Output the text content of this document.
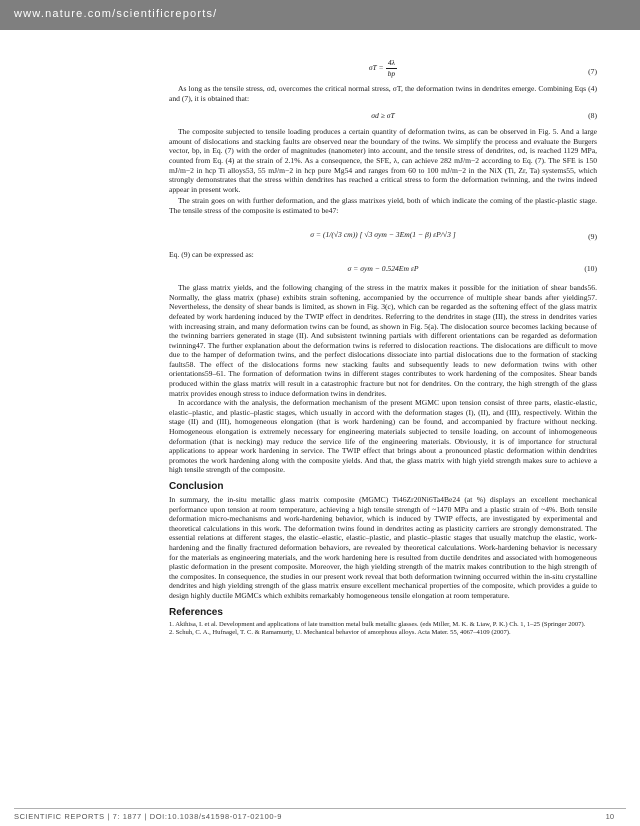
www.nature.com/scientificreports/
$\sigma T = \frac{4\lambda}{bp}$	(7)

As long as the tensile stress, σd, overcomes the critical normal stress, σT, the deformation twins in dendrites emerge. Combining Eqs (4) and (7), it is obtained that:

σd ≥ σT	(8)

The composite subjected to tensile loading produces a certain quantity of deformation twins, as can be observed in Fig. 5. And a large amount of dislocations and stacking faults are observed near the boundary of the twins. We simplify the process and evaluate the Burgers vector, bp, in Eq. (7) with the order of magnitudes (nanometer) into account, and the tensile stress of dendrites, σd, is reached 1129 MPa, counted from Eq. (4) at the strain of 2.1%. As a consequence, the SFE, λ, can achieve 282 mJ/m−2 according to Eq. (7). The SFE is 150 mJ/m−2 in hcp Ti alloys53, 55 mJ/m−2 in hcp pure Mg54 and ranges from 60 to 100 mJ/m−2 in the NiX (Ti, Zr, Ta) systems55, which strongly demonstrates that the stress within dendrites has reached a critical stress to form the deformation twinning, and the twins indeed appear in present work.

The strain goes on with further deformation, and the glass matrixes yield, both of which indicate the coming of the plastic-plastic stage. The tensile stress of the composite is estimated to be47:

σ = (1/(√3 cm)) [ √3 σym − 3Em(1 − β) εP/√3 ]	(9)

Eq. (9) can be expressed as:

σ = σym − 0.524Em εP	(10)

The glass matrix yields, and the following changing of the stress in the matrix makes it possible for the initiation of shear bands56. Normally, the glass matrix (phase) exhibits strain softening, accompanied by the occurrence of multiple shear bands after yielding57. Nevertheless, the density of shear bands is limited, as shown in Fig. 3(c), which can be regarded as the softening effect of the glass matrix defeated by work hardening induced by the TWIP effect in dendrites. Referring to the dendrites in stage (III), the stress in dendrites varies with increasing strain, and many deformation twins can be found, as shown in Fig. 5(a). The dislocation source becomes lacking because of the twinning barriers generated in stage (II). And subsistent twinning partials with different orientations can be regarded as deformation twinning47. The further explanation about the deformation twins is referred to dislocation reactions. The dislocations are difficult to move due to the hamper of deformation twins, and the perfect dislocations dissociate into partial dislocations due to the formation of stacking faults58. The effect of the dislocations forms new stacking faults and subsequently leads to new deformation twins with other orientations59–61. The formation of deformation twins in different stages contributes to work hardening of the composites. Shear bands produced within the glass matrix will result in a catastrophic fracture but not for dendrites. On the contrary, the high strength of the glass matrix provides enough stress to induce deformation twins in dendrites.

In accordance with the analysis, the deformation mechanism of the present MGMC upon tension consist of three parts, elastic-elastic, elastic–plastic, and plastic–plastic stages, which usually in accord with the deformation stages (I), (II), and (III), respectively. Within the stage (II) and (III), homogeneous elongation (that is work hardening) can be found, and accompanied by fracture without necking. Homogeneous elongation is extremely necessary for engineering materials subjected to tensile loading, on account of inhomogeneous deformation (that is necking) may reduce the service life of the engineering materials. Obviously, it is of importance for structural applications to appear work hardening in service. The TWIP effect that brings about a pronounced plastic deformation within dendrites promotes the work hardening along with the composite yields. And that, the glass matrix with high yield strength makes sure to achieve a high tensile strength of the composite.

Conclusion

In summary, the in-situ metallic glass matrix composite (MGMC) Ti46Zr20Ni6Ta4Be24 (at %) displays an excellent mechanical performance upon tension at room temperature, achieving a high tensile strength of ~1470 MPa and a plastic strain of ~4%. Both tensile deformation micro-mechanisms and work-hardening behavior, which is induced by TWIP effects, are investigated by experimental and theoretical calculations in this work. The deformation twins found in dendrites acting as plasticity carriers are strongly demonstrated. The essential relations at different stages, the elastic–elastic, elastic–plastic, and plastic–plastic stages that usually matchup the elastic, work-hardening and the finally fractured deformation behaviors, are revealed by theoretical calculations. Work-hardening behavior is necessary for the materials as engineering materials, and the work hardening here is resulted from ductile dendrites and associated with homogeneous plastic deformation in the present composite. Moreover, the high yielding strength of the matrix makes contribution to the high strength of the composites. In consequence, the studies in our present work reveal that both deformation twinning occurred within the in-situ crystalline dendrites and high yielding strength of the glass matrix ensure excellent mechanical properties of the composite, which provides a guide to design highly ductile MGMCs which exhibits remarkably homogeneous tensile elongation at room temperature.

References

1. Akihisa, I. et al. Development and applications of late transition metal bulk metallic glasses. (eds Miller, M. K. & Liaw, P. K.) Ch. 1, 1–25 (Springer 2007).

2. Schuh, C. A., Hufnagel, T. C. & Ramamurty, U. Mechanical behavior of amorphous alloys. Acta Mater. 55, 4067–4109 (2007).

SCIENTIFIC REPORTS | 7: 1877 | DOI:10.1038/s41598-017-02100-9	10
